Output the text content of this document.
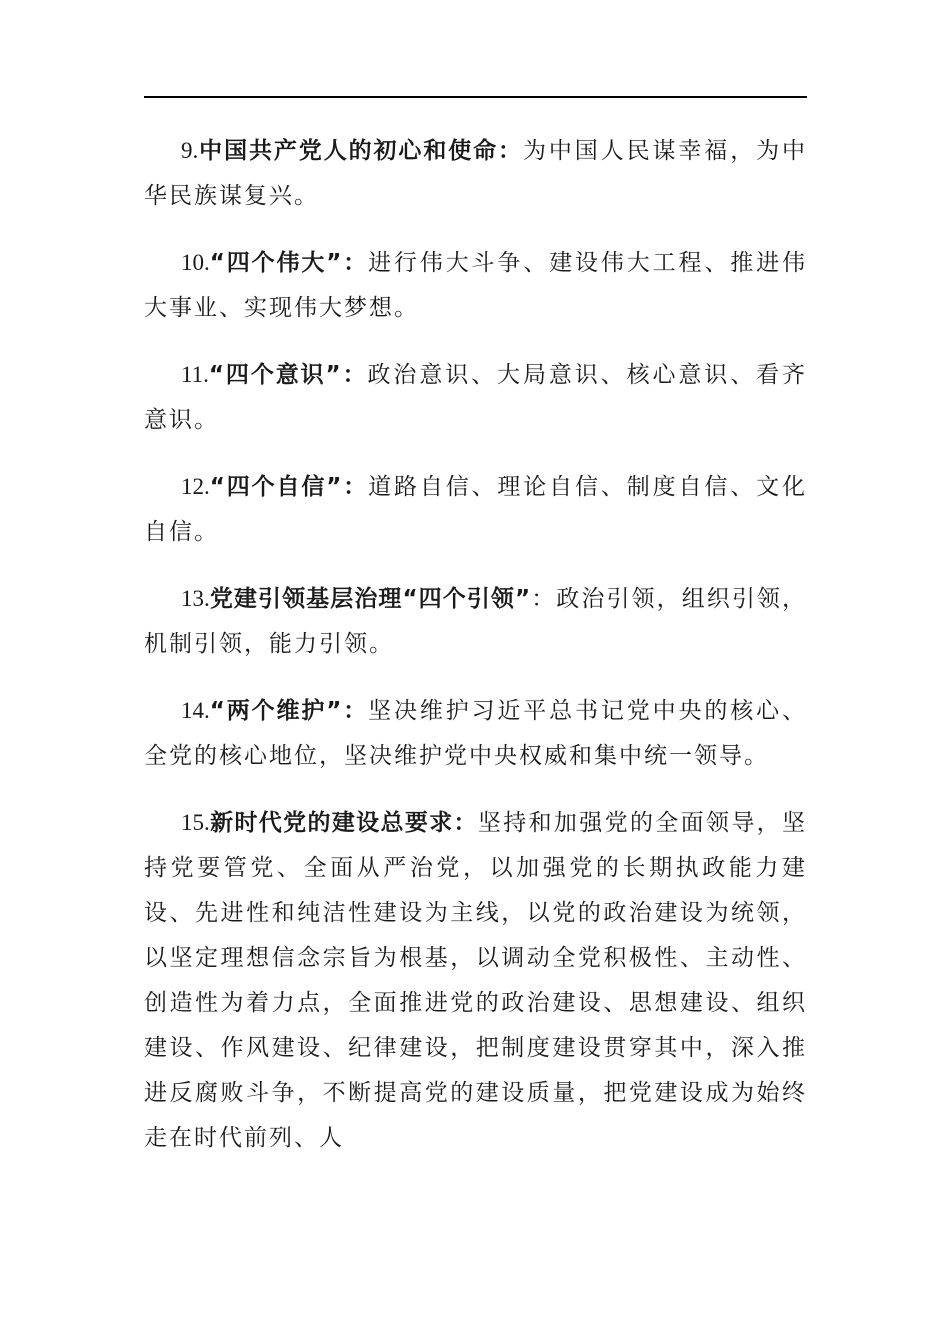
9.中国共产党人的初心和使命：为中国人民谋幸福，为中华民族谋复兴。

10.“四个伟大”：进行伟大斗争、建设伟大工程、推进伟大事业、实现伟大梦想。

11.“四个意识”：政治意识、大局意识、核心意识、看齐意识。

12.“四个自信”：道路自信、理论自信、制度自信、文化自信。

13.党建引领基层治理“四个引领”：政治引领，组织引领，机制引领，能力引领。

14.“两个维护”：坚决维护习近平总书记党中央的核心、全党的核心地位，坚决维护党中央权威和集中统一领导。

15.新时代党的建设总要求：坚持和加强党的全面领导，坚持党要管党、全面从严治党，以加强党的长期执政能力建设、先进性和纯洁性建设为主线，以党的政治建设为统领，以坚定理想信念宗旨为根基，以调动全党积极性、主动性、创造性为着力点，全面推进党的政治建设、思想建设、组织建设、作风建设、纪律建设，把制度建设贯穿其中，深入推进反腐败斗争，不断提高党的建设质量，把党建设成为始终走在时代前列、人
